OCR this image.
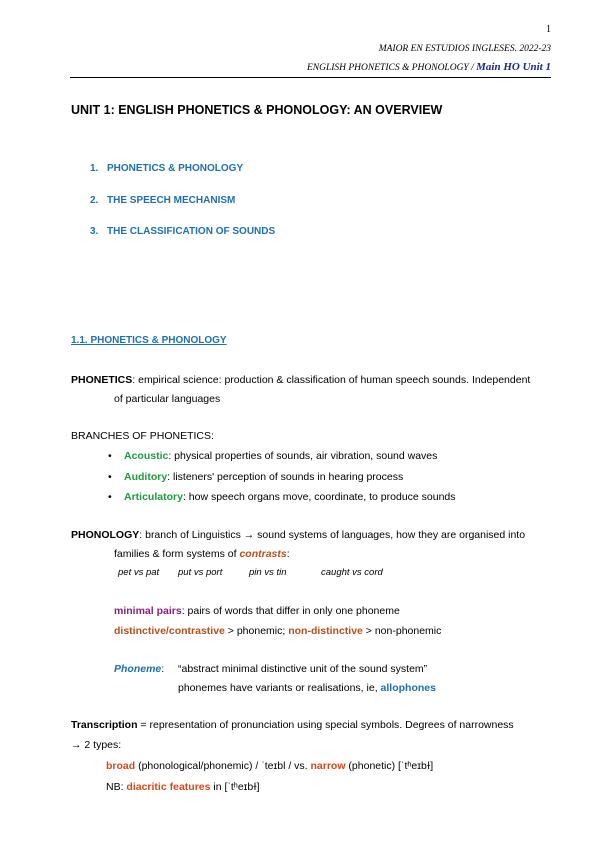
1
MAIOR EN ESTUDIOS INGLESES. 2022-23
ENGLISH PHONETICS & PHONOLOGY / Main HO Unit 1
UNIT 1: ENGLISH PHONETICS & PHONOLOGY: AN OVERVIEW
1. PHONETICS & PHONOLOGY
2. THE SPEECH MECHANISM
3. THE CLASSIFICATION OF SOUNDS
1.1. PHONETICS & PHONOLOGY
PHONETICS: empirical science: production & classification of human speech sounds. Independent
of particular languages
BRANCHES OF PHONETICS:
• Acoustic: physical properties of sounds, air vibration, sound waves
• Auditory: listeners' perception of sounds in hearing process
• Articulatory: how speech organs move, coordinate, to produce sounds
PHONOLOGY: branch of Linguistics → sound systems of languages, how they are organised into
families & form systems of contrasts:
pet vs pat put vs port	pin vs tin	caught vs cord
minimal pairs: pairs of words that differ in only one phoneme
distinctive/contrastive > phonemic; non-distinctive > non-phonemic
Phoneme: “abstract minimal distinctive unit of the sound system”
phonemes have variants or realisations, ie, allophones
Transcription = representation of pronunciation using special symbols. Degrees of narrowness
→ 2 types:
broad (phonological/phonemic) / ˈteɪbl / vs. narrow (phonetic) [ˈtʰeɪbɫ]
NB: diacritic features in [ˈtʰeɪbɫ]
